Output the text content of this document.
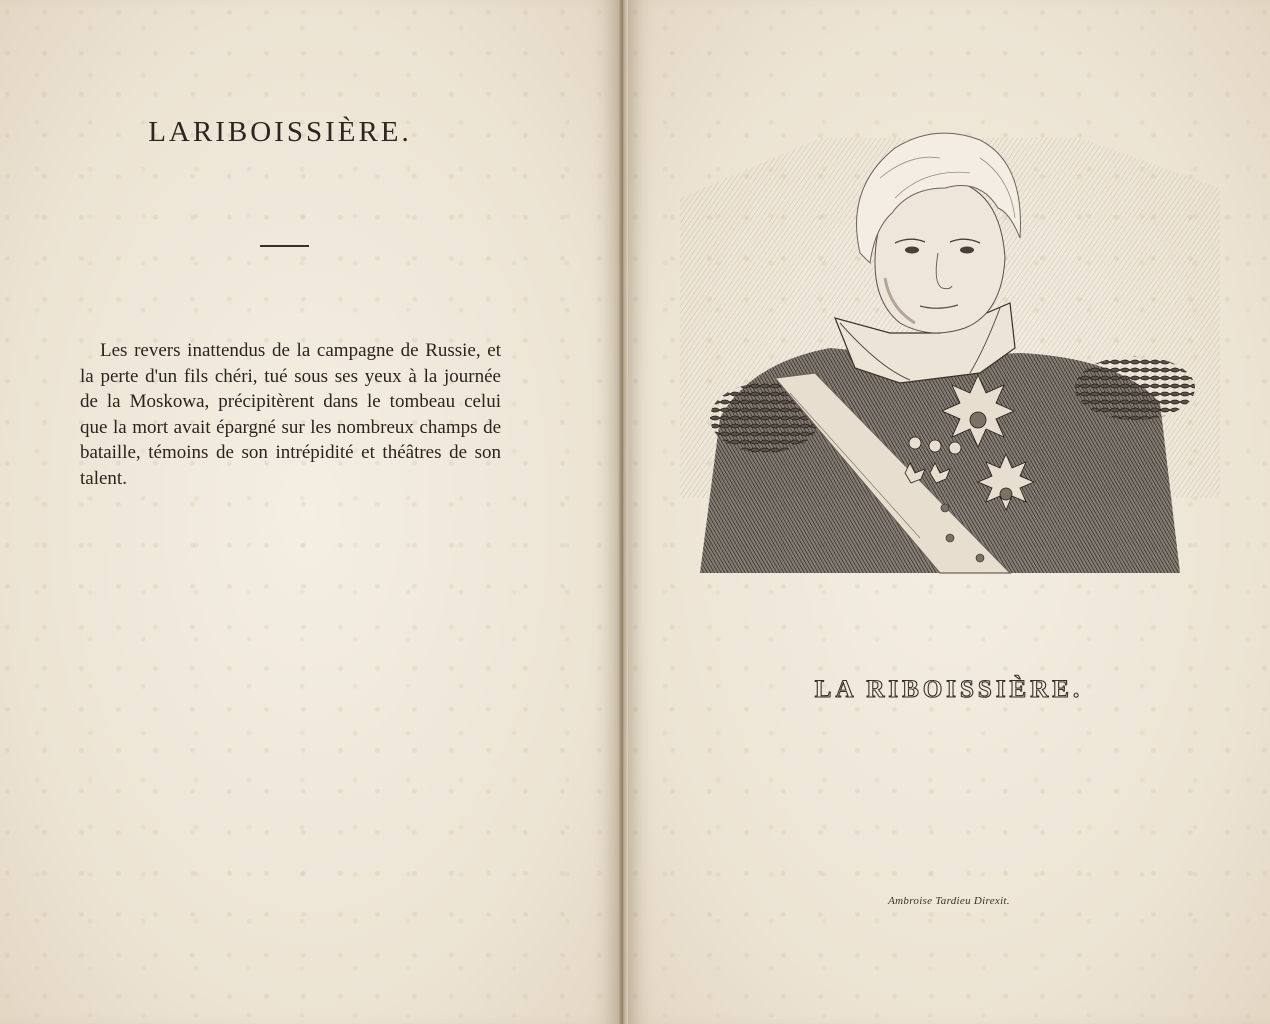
LARIBOISSIÈRE.

Les revers inattendus de la campagne de Russie, et la perte d'un fils chéri, tué sous ses yeux à la journée de la Moskowa, précipitèrent dans le tombeau celui que la mort avait épargné sur les nombreux champs de bataille, témoins de son intrépidité et théâtres de son talent.

LA RIBOISSIÈRE.
Ambroise Tardieu Direxit.
